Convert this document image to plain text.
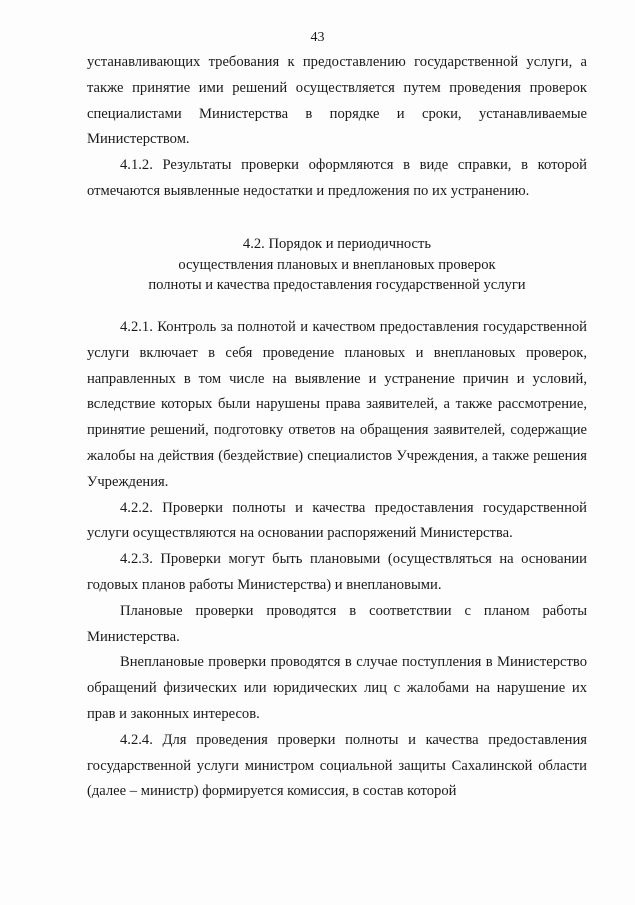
43

устанавливающих требования к предоставлению государственной услуги, а также принятие ими решений осуществляется путем проведения проверок специалистами Министерства в порядке и сроки, устанавливаемые Министерством.

4.1.2. Результаты проверки оформляются в виде справки, в которой отмечаются выявленные недостатки и предложения по их устранению.

4.2. Порядок и периодичность

осуществления плановых и внеплановых проверок

полноты и качества предоставления государственной услуги

4.2.1. Контроль за полнотой и качеством предоставления государственной услуги включает в себя проведение плановых и внеплановых проверок, направленных в том числе на выявление и устранение причин и условий, вследствие которых были нарушены права заявителей, а также рассмотрение, принятие решений, подготовку ответов на обращения заявителей, содержащие жалобы на действия (бездействие) специалистов Учреждения, а также решения Учреждения.

4.2.2. Проверки полноты и качества предоставления государственной услуги осуществляются на основании распоряжений Министерства.

4.2.3. Проверки могут быть плановыми (осуществляться на основании годовых планов работы Министерства) и внеплановыми.

Плановые проверки проводятся в соответствии с планом работы Министерства.

Внеплановые проверки проводятся в случае поступления в Министерство обращений физических или юридических лиц с жалобами на нарушение их прав и законных интересов.

4.2.4. Для проведения проверки полноты и качества предоставления государственной услуги министром социальной защиты Сахалинской области (далее – министр) формируется комиссия, в состав которой
